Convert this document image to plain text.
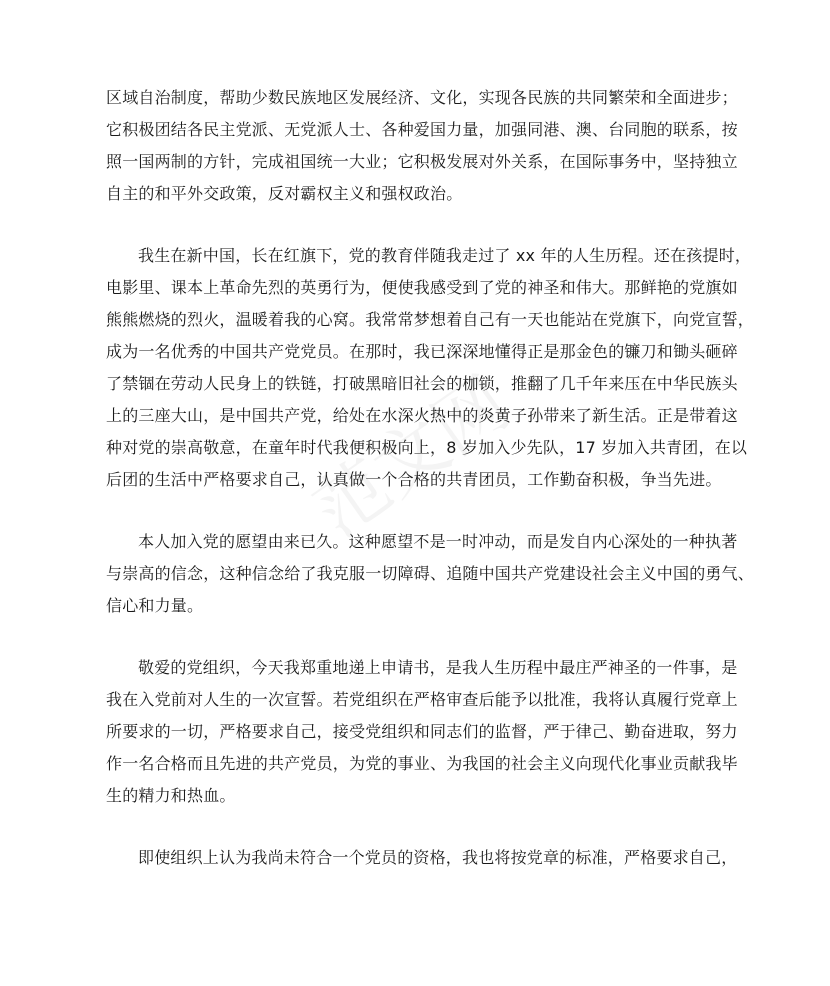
区域自治制度，帮助少数民族地区发展经济、文化，实现各民族的共同繁荣和全面进步；
它积极团结各民主党派、无党派人士、各种爱国力量，加强同港、澳、台同胞的联系，按
照一国两制的方针，完成祖国统一大业；它积极发展对外关系，在国际事务中，坚持独立
自主的和平外交政策，反对霸权主义和强权政治。
我生在新中国，长在红旗下，党的教育伴随我走过了 xx 年的人生历程。还在孩提时，
电影里、课本上革命先烈的英勇行为，便使我感受到了党的神圣和伟大。那鲜艳的党旗如
熊熊燃烧的烈火，温暖着我的心窝。我常常梦想着自己有一天也能站在党旗下，向党宣誓，
成为一名优秀的中国共产党党员。在那时，我已深深地懂得正是那金色的镰刀和锄头砸碎
了禁锢在劳动人民身上的铁链，打破黑暗旧社会的枷锁，推翻了几千年来压在中华民族头
上的三座大山，是中国共产党，给处在水深火热中的炎黄子孙带来了新生活。正是带着这
种对党的崇高敬意，在童年时代我便积极向上，8 岁加入少先队，17 岁加入共青团，在以
后团的生活中严格要求自己，认真做一个合格的共青团员，工作勤奋积极，争当先进。
本人加入党的愿望由来已久。这种愿望不是一时冲动，而是发自内心深处的一种执著
与崇高的信念，这种信念给了我克服一切障碍、追随中国共产党建设社会主义中国的勇气、
信心和力量。
敬爱的党组织，今天我郑重地递上申请书，是我人生历程中最庄严神圣的一件事，是
我在入党前对人生的一次宣誓。若党组织在严格审查后能予以批准，我将认真履行党章上
所要求的一切，严格要求自己，接受党组织和同志们的监督，严于律己、勤奋进取，努力
作一名合格而且先进的共产党员，为党的事业、为我国的社会主义向现代化事业贡献我毕
生的精力和热血。
即使组织上认为我尚未符合一个党员的资格，我也将按党章的标准，严格要求自己，
